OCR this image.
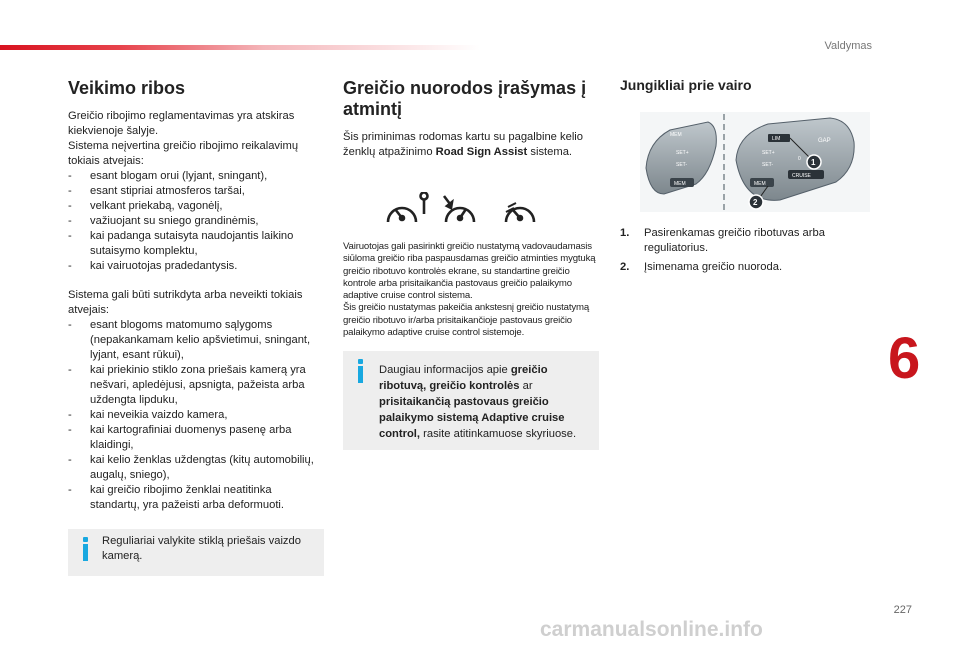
Valdymas
Veikimo ribos

Greičio ribojimo reglamentavimas yra atskiras kiekvienoje šalyje.

Sistema neįvertina greičio ribojimo reikalavimų tokiais atvejais:

- esant blogam orui (lyjant, sningant),
- esant stipriai atmosferos taršai,
- velkant priekabą, vagonėlį,
- važiuojant su sniego grandinėmis,
- kai padanga sutaisyta naudojantis laikino sutaisymo komplektu,
- kai vairuotojas pradedantysis.

Sistema gali būti sutrikdyta arba neveikti tokiais atvejais:

- esant blogoms matomumo sąlygoms (nepakankamam kelio apšvietimui, sningant, lyjant, esant rūkui),
- kai priekinio stiklo zona priešais kamerą yra nešvari, apledėjusi, apsnigta, pažeista arba uždengta lipduku,
- kai neveikia vaizdo kamera,
- kai kartografiniai duomenys pasenę arba klaidingi,
- kai kelio ženklas uždengtas (kitų automobilių, augalų, sniego),
- kai greičio ribojimo ženklai neatitinka standartų, yra pažeisti arba deformuoti.
Reguliariai valykite stiklą priešais vaizdo kamerą.
Greičio nuorodos įrašymas į atmintį

Šis priminimas rodomas kartu su pagalbine kelio ženklų atpažinimo Road Sign Assist sistema.

Vairuotojas gali pasirinkti greičio nustatymą vadovaudamasis siūloma greičio riba paspausdamas greičio atminties mygtuką greičio ribotuvo kontrolės ekrane, su standartine greičio kontrole arba prisitaikančia pastovaus greičio palaikymo adaptive cruise control sistema.

Šis greičio nustatymas pakeičia ankstesnį greičio nustatymą greičio ribotuvo ir/arba prisitaikančioje pastovaus greičio palaikymo adaptive cruise control sistemoje.

Daugiau informacijos apie greičio ribotuvą, greičio kontrolės ar prisitaikančią pastovaus greičio palaikymo sistemą Adaptive cruise control, rasite atitinkamuose skyriuose.
Jungikliai prie vairo
MEM
SET+
SET-
MEM
GAP
LIM
SET+
SET-
0
CRUISE
MEM
1
2
1. Pasirenkamas greičio ribotuvas arba reguliatorius.
2. Įsimenama greičio nuoroda.
6
227
carmanualsonline.info
